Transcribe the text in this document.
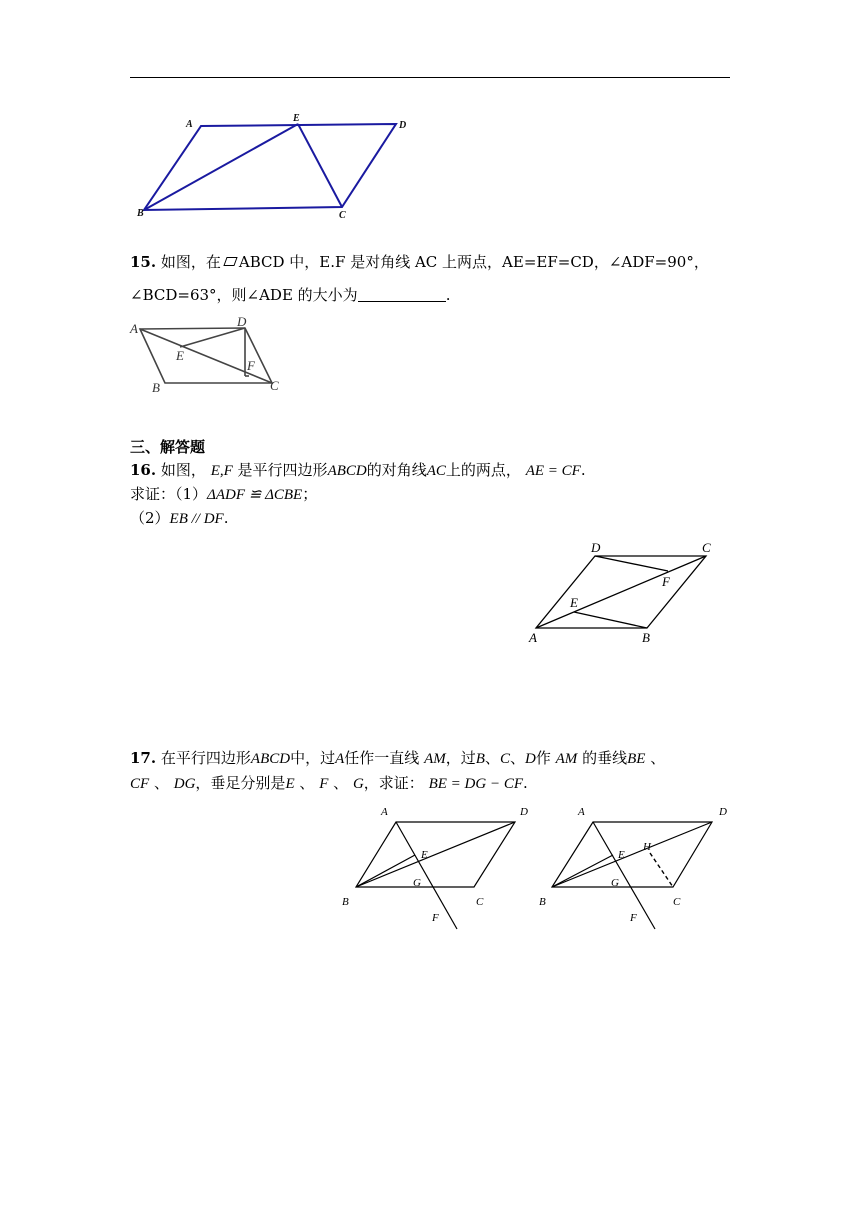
A
E
D
B	C
15. 如图，在 ABCD 中，E.F 是对角线 AC 上两点，AE=EF=CD，∠ADF=90°，
∠BCD=63°，则∠ADE 的大小为	.
A	D
E
F
B	C
三、解答题
16. 如图， E,F 是平行四边形ABCD的对角线AC上的两点， AE = CF.
求证：（1）ΔADF ≌ ΔCBE；
（2）EB // DF.
D	C
F
E
A	B
17. 在平行四边形ABCD中，过A任作一直线 AM，过B、C、D作 AM 的垂线BE 、
CF 、 DG，垂足分别是E 、 F 、 G，求证： BE = DG − CF.
A	D
E
G
B	C
F
A	D
H
E
G
B	C
F
